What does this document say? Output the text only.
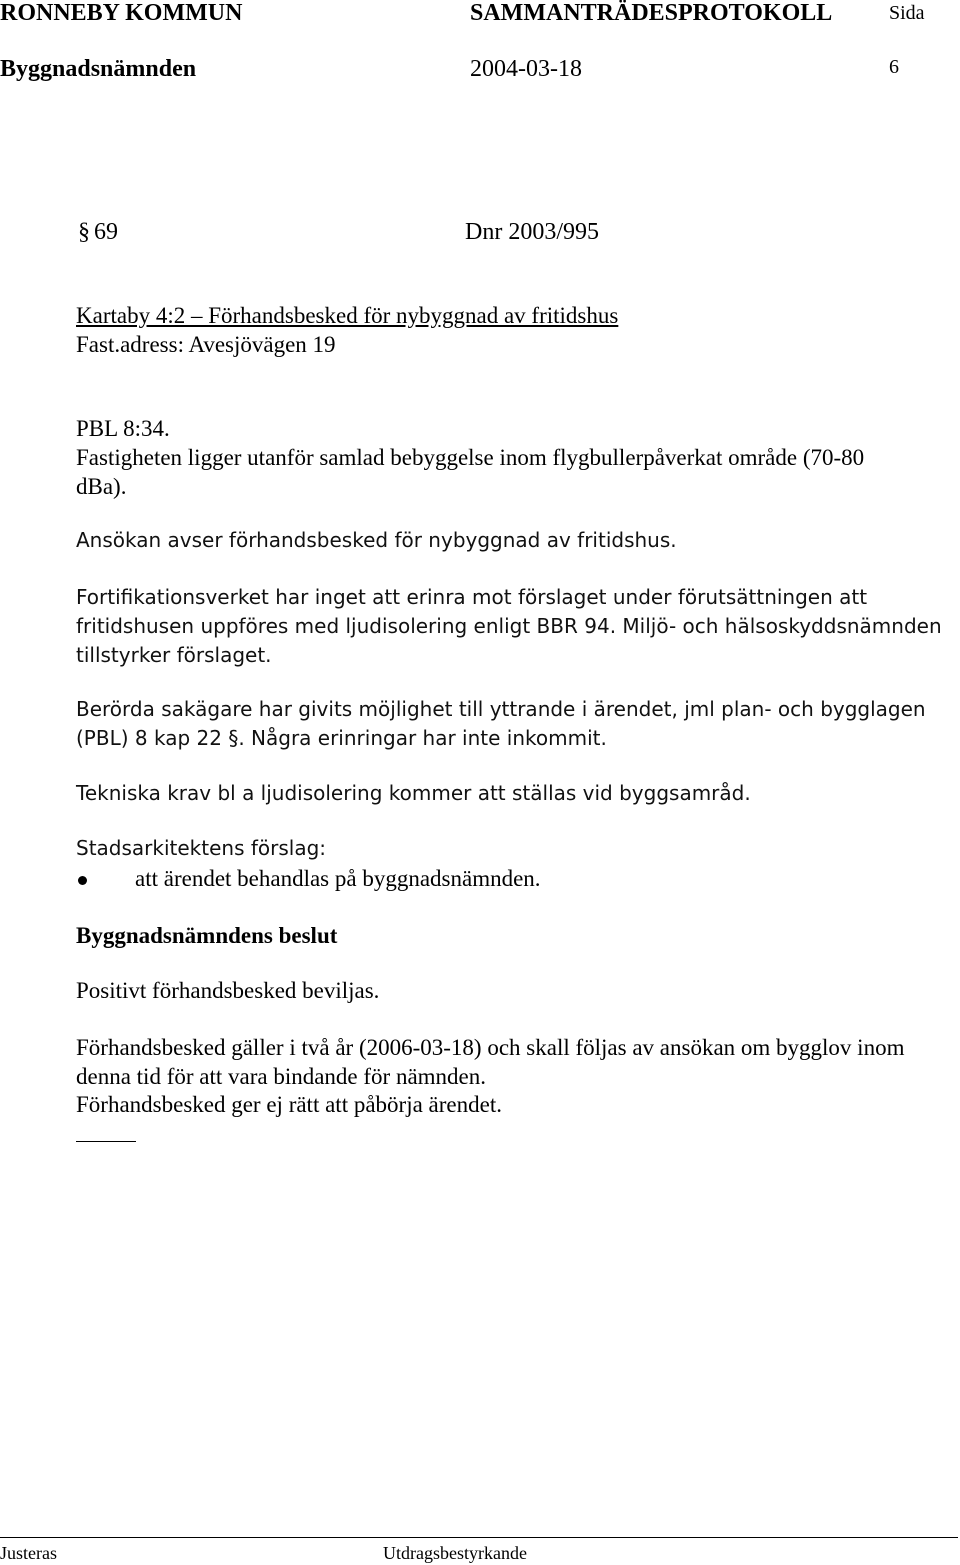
RONNEBY KOMMUN	SAMMANTRÄDESPROTOKOLL	Sida
Byggnadsnämnden	2004-03-18	6
§ 69	Dnr 2003/995
Kartaby 4:2 – Förhandsbesked för nybyggnad av fritidshus
Fast.adress: Avesjövägen 19
PBL 8:34.
Fastigheten ligger utanför samlad bebyggelse inom flygbullerpåverkat område (70-80
dBa).
Ansökan avser förhandsbesked för nybyggnad av fritidshus.
Fortifikationsverket har inget att erinra mot förslaget under förutsättningen att
fritidshusen uppföres med ljudisolering enligt BBR 94. Miljö- och hälsoskyddsnämnden
tillstyrker förslaget.
Berörda sakägare har givits möjlighet till yttrande i ärendet, jml plan- och bygglagen
(PBL) 8 kap 22 §. Några erinringar har inte inkommit.
Tekniska krav bl a ljudisolering kommer att ställas vid byggsamråd.
Stadsarkitektens förslag:
att ärendet behandlas på byggnadsnämnden.
Byggnadsnämndens beslut
Positivt förhandsbesked beviljas.
Förhandsbesked gäller i två år (2006-03-18) och skall följas av ansökan om bygglov inom
denna tid för att vara bindande för nämnden.
Förhandsbesked ger ej rätt att påbörja ärendet.
Justeras	Utdragsbestyrkande
